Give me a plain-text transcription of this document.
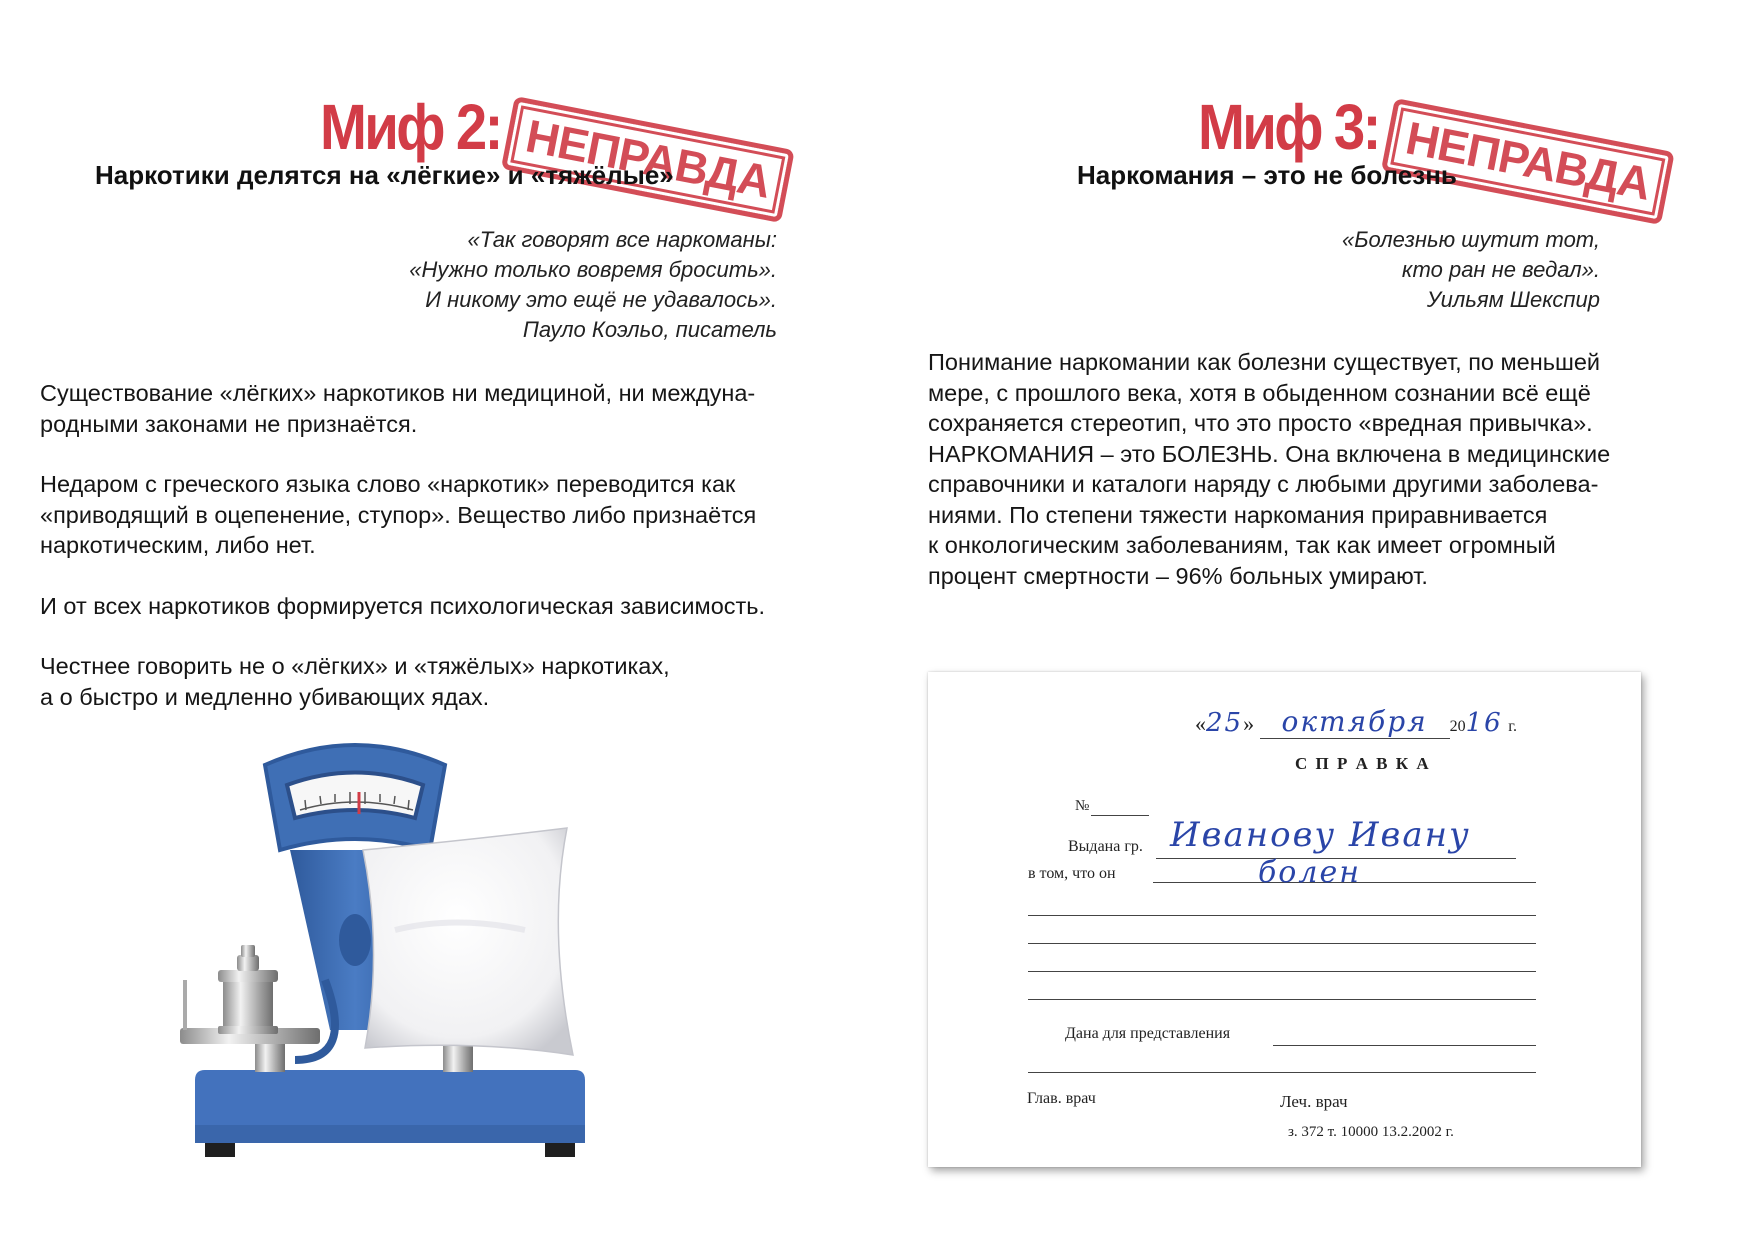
Миф 2: НЕПРАВДА
Наркотики делятся на «лёгкие» и «тяжёлые»
«Так говорят все наркоманы:
«Нужно только вовремя бросить».
И никому это ещё не удавалось».
Пауло Коэльо, писатель

Существование «лёгких» наркотиков ни медициной, ни междуна-
родными законами не признаётся.

Недаром с греческого языка слово «наркотик» переводится как
«приводящий в оцепенение, ступор». Вещество либо признаётся
наркотическим, либо нет.

И от всех наркотиков формируется психологическая зависимость.

Честнее говорить не о «лёгких» и «тяжёлых» наркотиках,
а о быстро и медленно убивающих ядах.

Миф 3: НЕПРАВДА
Наркомания – это не болезнь
«Болезнью шутит тот,
кто ран не ведал».
Уильям Шекспир
Понимание наркомании как болезни существует, по меньшей
мере, с прошлого века, хотя в обыденном сознании всё ещё
сохраняется стереотип, что это просто «вредная привычка».
НАРКОМАНИЯ – это БОЛЕЗНЬ. Она включена в медицинские
справочники и каталоги наряду с любыми другими заболева-
ниями. По степени тяжести наркомания приравнивается
к онкологическим заболеваниям, так как имеет огромный
процент смертности – 96% больных умирают.
«25» октября 2016 г.
С П Р А В К А
№
Выдана гр. Иванову Ивану
в том, что он	болен
Дана для представления
Глав. врач	Леч. врач
з. 372 т. 10000 13.2.2002 г.
